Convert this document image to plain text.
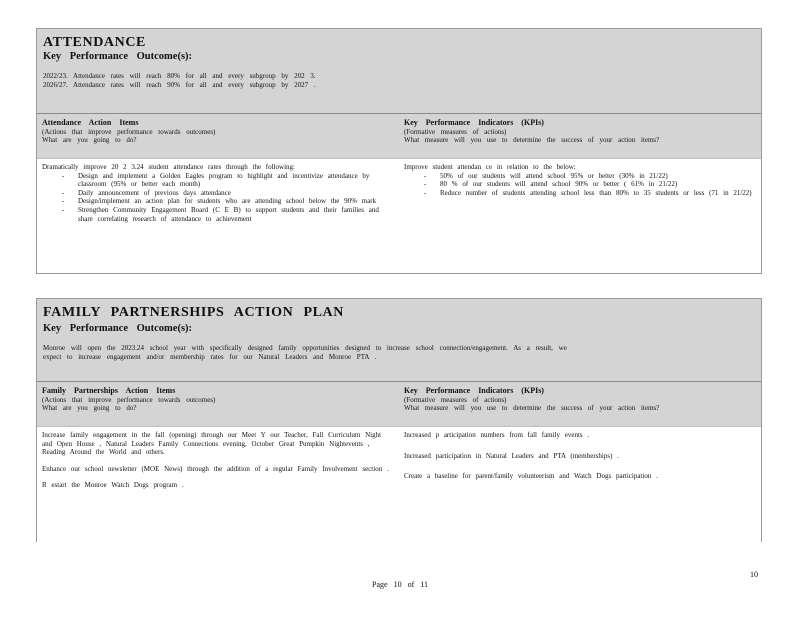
ATTENDANCE
Key Performance Outcome(s):
2022/23. Attendance rates will reach 80% for all and every subgroup by 202 3.
2026/27. Attendance rates will reach 90% for all and every subgroup by 2027 .
Attendance Action Items
(Actions that improve performance towards outcomes)
What are you going to do?
Key Performance Indicators (KPIs)
(Formative measures of actions)
What measure will you use to determine the success of your action items?
Dramatically improve 20 2 3.24 student attendance rates through the following:
- Design and implement a Golden Eagles program to highlight and incentivize attendance by classroom (95% or better each month)
- Daily announcement of previous days attendance
- Design/implement an action plan for students who are attending school below the 90% mark
- Strengthen Community Engagement Board (C E B) to support students and their families and share correlating research of attendance to achievement
Improve student attendan ce in relation to the below:
- 50% of our students will attend school 95% or better (30% in 21/22)
- 80 % of our students will attend school 90% or better ( 61% in 21/22)
- Reduce number of students attending school less than 80% to 35 students or less (71 in 21/22)
FAMILY PARTNERSHIPS ACTION PLAN
Key Performance Outcome(s):
Monroe will open the 2023.24 school year with specifically designed family opportunities designed to increase school connection/engagement. As a result, we
expect to increase engagement and/or membership rates for our Natural Leaders and Monroe PTA .
Family Partnerships Action Items
(Actions that improve performance towards outcomes)
What are you going to do?
Key Performance Indicators (KPIs)
(Formative measures of actions)
What measure will you use to determine the success of your action items?

Increase family engagement in the fall (opening) through our Meet Y our Teacher, Fall Curriculum Night and Open House , Natural Leaders Family Connections evening, October Great Pumpkin Nightevents , Reading Around the World and others.

Enhance our school newsletter (MOE News) through the addition of a regular Family Involvement section .

R estart the Monroe Watch Dogs program .

Increased p articipation numbers from fall family events .

Increased participation in Natural Leaders and PTA (memberships) .

Create a baseline for parent/family volunteerism and Watch Dogs participation .

Page 10 of 11
10
